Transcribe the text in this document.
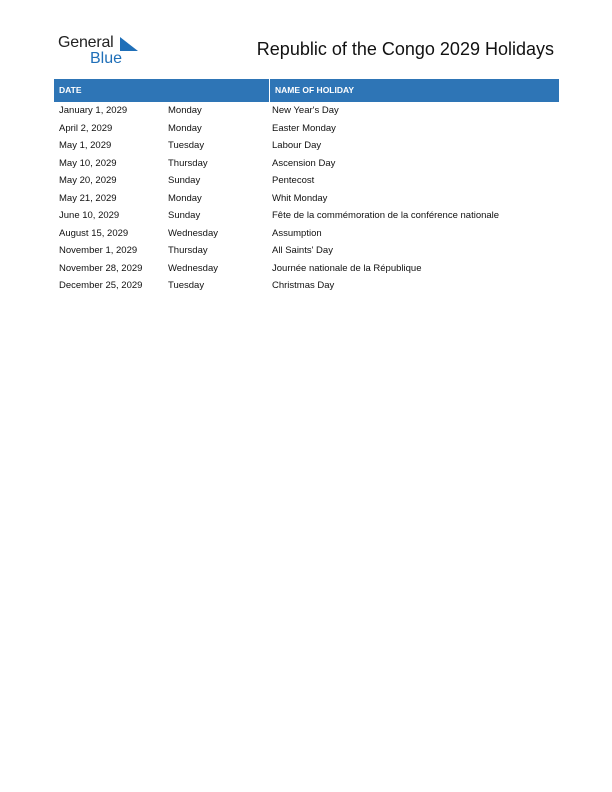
General
Blue	Republic of the Congo 2029 Holidays
DATE	NAME OF HOLIDAY
January 1, 2029	Monday	New Year's Day
April 2, 2029	Monday	Easter Monday
May 1, 2029	Tuesday	Labour Day
May 10, 2029	Thursday	Ascension Day
May 20, 2029	Sunday	Pentecost
May 21, 2029	Monday	Whit Monday
June 10, 2029	Sunday	Fête de la commémoration de la conférence nationale
August 15, 2029	Wednesday	Assumption
November 1, 2029	Thursday	All Saints' Day
November 28, 2029	Wednesday	Journée nationale de la République
December 25, 2029	Tuesday	Christmas Day
